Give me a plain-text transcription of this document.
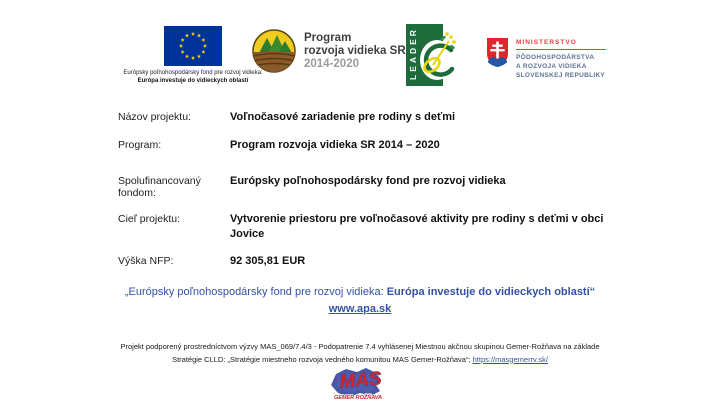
Európsky poľnohospodársky fond pre rozvoj vidieka:
Európa investuje do vidieckych oblastí
Program
rozvoja vidieka SR
2014-2020	LEADER	MINISTERSTVO
PÔDOHOSPODÁRSTVA
A ROZVOJA VIDIEKA
SLOVENSKEJ REPUBLIKY
Názov projektu:	Voľnočasové zariadenie pre rodiny s deťmi
Program:	Program rozvoja vidieka SR 2014 – 2020
Spolufinancovaný fondom:
Európsky poľnohospodársky fond pre rozvoj vidieka
Cieľ projektu:	Vytvorenie priestoru pre voľnočasové aktivity pre rodiny s deťmi v obci Jovice
Výška NFP:	92 305,81 EUR
„Európsky poľnohospodársky fond pre rozvoj vidieka: Európa investuje do vidieckych oblastí“
www.apa.sk
Projekt podporený prostredníctvom výzvy MAS_069/7.4/3 - Podopatrenie 7.4 vyhlásenej Miestnou akčnou skupinou Gemer-Rožňava na základe
Stratégie CLLD: „Stratégie miestneho rozvoja vedného komunitou MAS Gemer-Rožňava“; https://masgemerrv.sk/
MAS
GEMER ROŽŇAVA
